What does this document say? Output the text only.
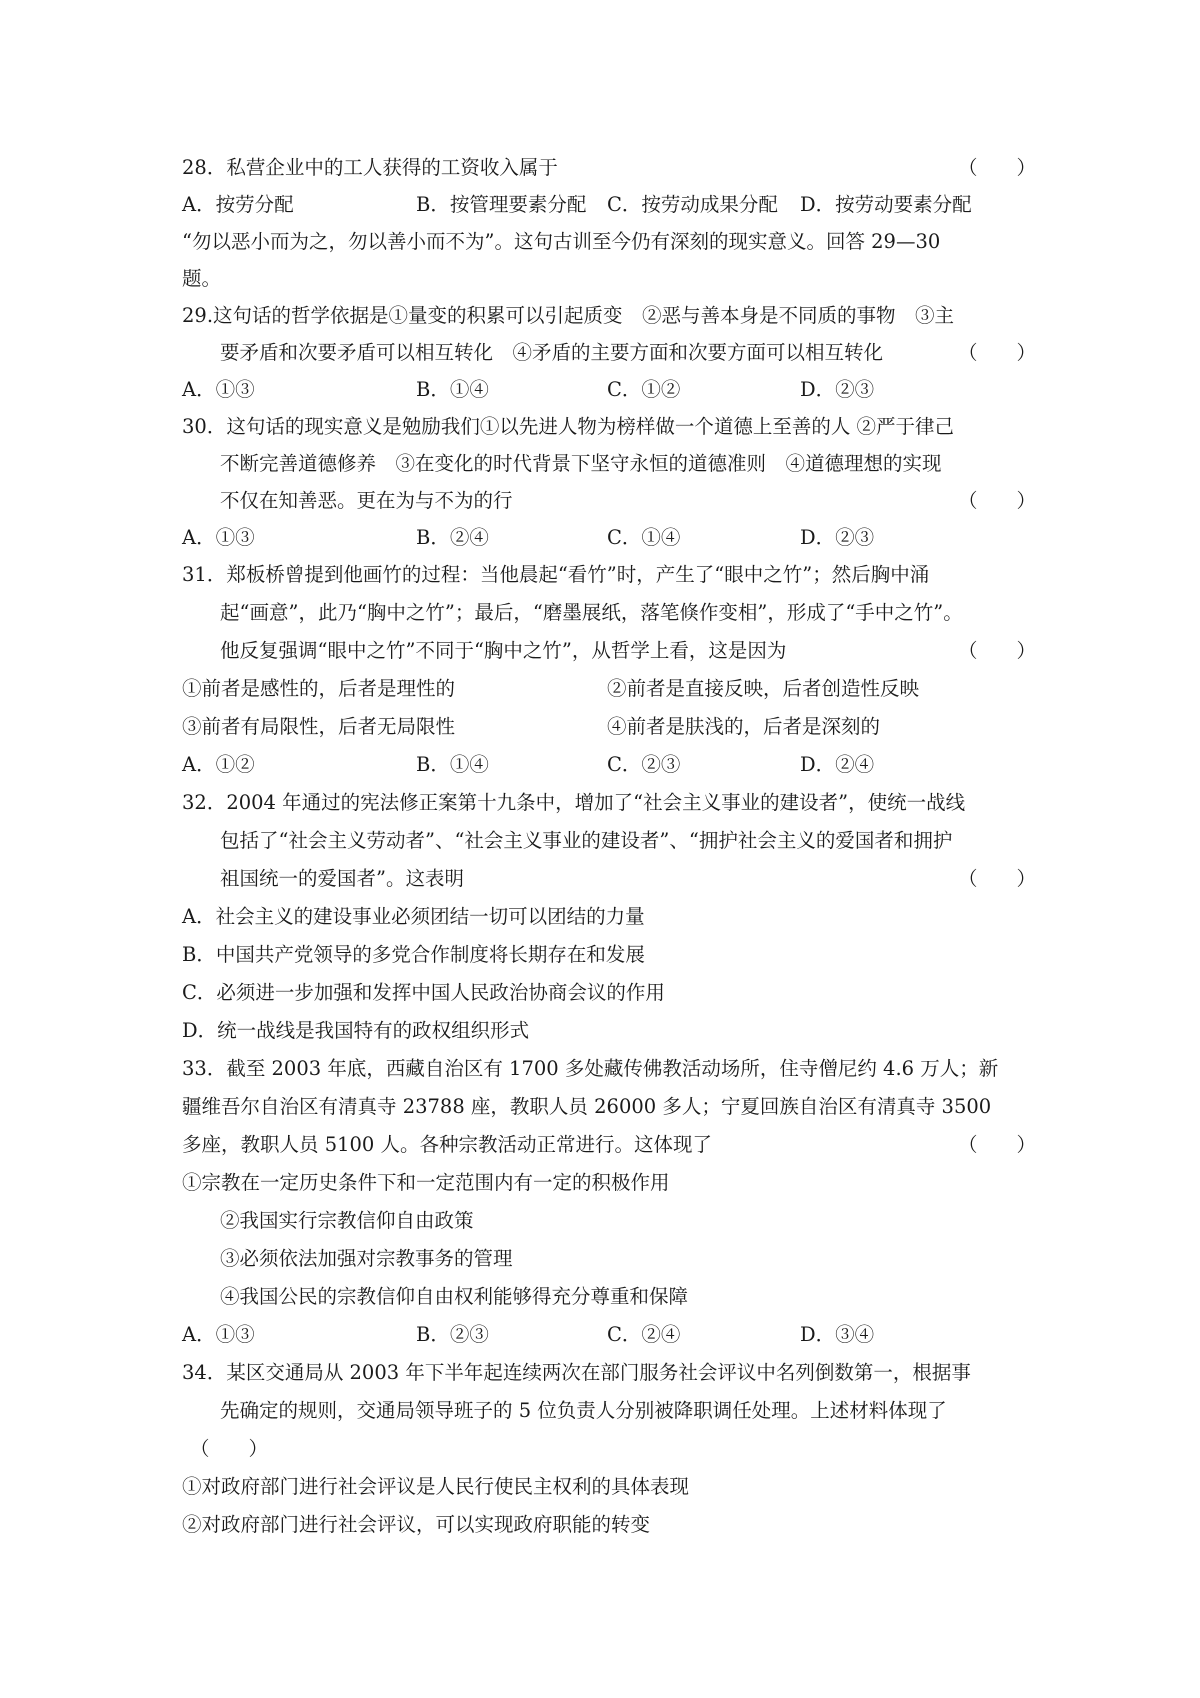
28．私营企业中的工人获得的工资收入属于	（　　）
A．按劳分配	B．按管理要素分配 C．按劳动成果分配 D．按劳动要素分配
“勿以恶小而为之，勿以善小而不为”。这句古训至今仍有深刻的现实意义。回答 29—30
题。
29.这句话的哲学依据是①量变的积累可以引起质变　②恶与善本身是不同质的事物　③主
要矛盾和次要矛盾可以相互转化　④矛盾的主要方面和次要方面可以相互转化	（　　）
A．①③	B．①④	C．①②	D．②③
30．这句话的现实意义是勉励我们①以先进人物为榜样做一个道德上至善的人 ②严于律己
不断完善道德修养　③在变化的时代背景下坚守永恒的道德准则　④道德理想的实现
不仅在知善恶。更在为与不为的行	（　　）
A．①③	B．②④	C．①④	D．②③
31．郑板桥曾提到他画竹的过程：当他晨起“看竹”时，产生了“眼中之竹”；然后胸中涌
起“画意”，此乃“胸中之竹”；最后，“磨墨展纸，落笔倏作变相”，形成了“手中之竹”。
他反复强调“眼中之竹”不同于“胸中之竹”，从哲学上看，这是因为	（　　）
①前者是感性的，后者是理性的	②前者是直接反映，后者创造性反映
③前者有局限性，后者无局限性	④前者是肤浅的，后者是深刻的
A．①②	B．①④	C．②③	D．②④
32．2004 年通过的宪法修正案第十九条中，增加了“社会主义事业的建设者”，使统一战线
包括了“社会主义劳动者”、“社会主义事业的建设者”、“拥护社会主义的爱国者和拥护
祖国统一的爱国者”。这表明	（　　）
A．社会主义的建设事业必须团结一切可以团结的力量
B．中国共产党领导的多党合作制度将长期存在和发展
C．必须进一步加强和发挥中国人民政治协商会议的作用
D．统一战线是我国特有的政权组织形式
33．截至 2003 年底，西藏自治区有 1700 多处藏传佛教活动场所，住寺僧尼约 4.6 万人；新
疆维吾尔自治区有清真寺 23788 座，教职人员 26000 多人；宁夏回族自治区有清真寺 3500
多座，教职人员 5100 人。各种宗教活动正常进行。这体现了	（　　）
①宗教在一定历史条件下和一定范围内有一定的积极作用
②我国实行宗教信仰自由政策
③必须依法加强对宗教事务的管理
④我国公民的宗教信仰自由权利能够得充分尊重和保障
A．①③	B．②③	C．②④	D．③④
34．某区交通局从 2003 年下半年起连续两次在部门服务社会评议中名列倒数第一，根据事
先确定的规则，交通局领导班子的 5 位负责人分别被降职调任处理。上述材料体现了
（　　）
①对政府部门进行社会评议是人民行使民主权利的具体表现
②对政府部门进行社会评议，可以实现政府职能的转变
